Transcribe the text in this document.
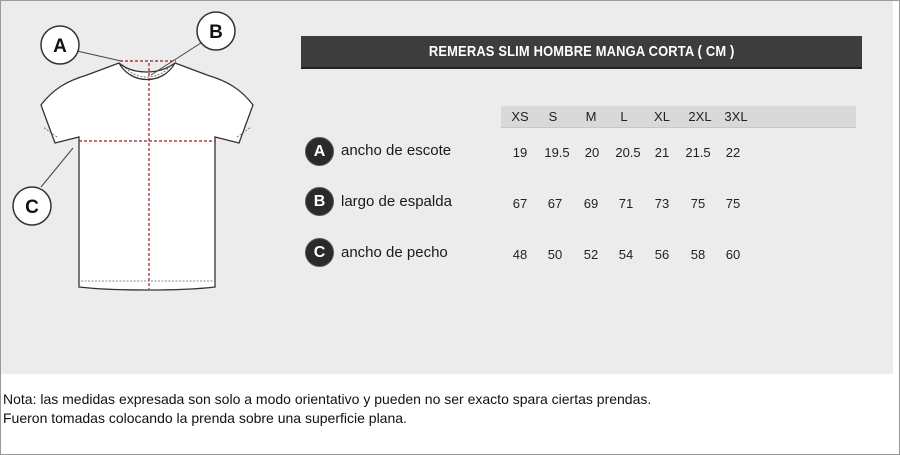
A
B
C
REMERAS SLIM HOMBRE MANGA CORTA ( CM )
XS	S	M	L	XL	2XL 3XL
A	ancho de escote	19	19.5	20	20.5	21	21.5	22
B	largo de espalda	67	67	69	71	73	75	75
C	ancho de pecho	48	50	52	54	56	58	60
Nota: las medidas expresada son solo a modo orientativo y pueden no ser exacto spara ciertas prendas.
Fueron tomadas colocando la prenda sobre una superficie plana.
